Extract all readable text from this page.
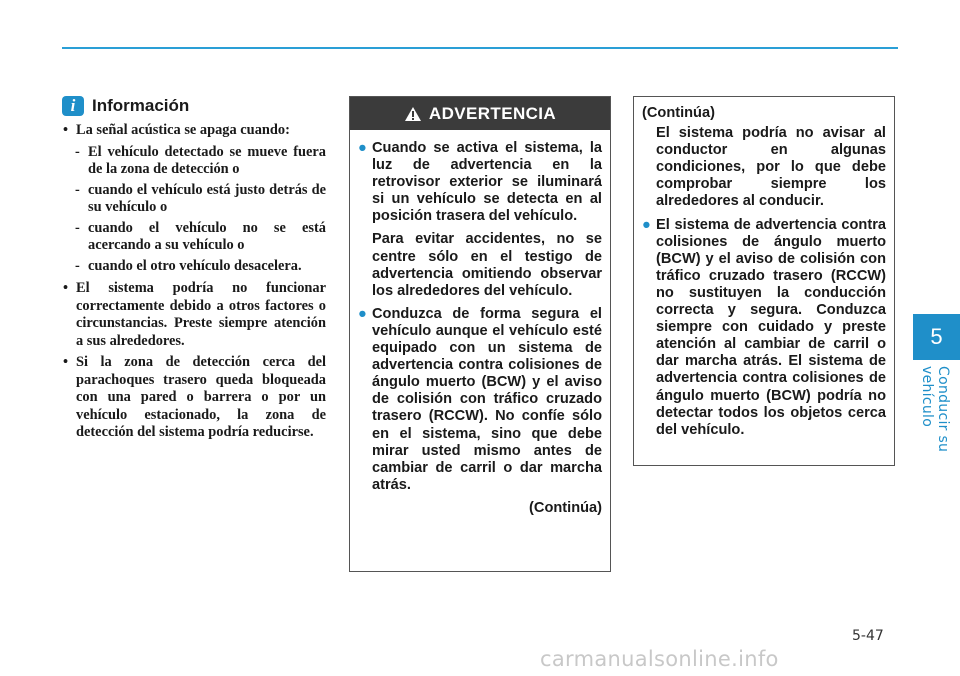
i Información
• La señal acústica se apaga cuando:
- El vehículo detectado se mueve fuera de la zona de detección o
- cuando el vehículo está justo detrás de su vehículo o
- cuando el vehículo no se está acercando a su vehículo o
- cuando el otro vehículo desacelera.
• El sistema podría no funcionar correctamente debido a otros factores o circunstancias. Preste siempre atención a sus alrededores.
• Si la zona de detección cerca del parachoques trasero queda bloqueada con una pared o barrera o por un vehículo estacionado, la zona de detección del sistema podría reducirse.
ADVERTENCIA
● Cuando se activa el sistema, la luz de advertencia en la retrovisor exterior se iluminará si un vehículo se detecta en al posición trasera del vehículo.
Para evitar accidentes, no se centre sólo en el testigo de advertencia omitiendo observar los alrededores del vehículo.
● Conduzca de forma segura el vehículo aunque el vehículo esté equipado con un sistema de advertencia contra colisiones de ángulo muerto (BCW) y el aviso de colisión con tráfico cruzado trasero (RCCW). No confíe sólo en el sistema, sino que debe mirar usted mismo antes de cambiar de carril o dar marcha atrás.
(Continúa)
(Continúa)
El sistema podría no avisar al conductor en algunas condiciones, por lo que debe comprobar siempre los alrededores al conducir.
● El sistema de advertencia contra colisiones de ángulo muerto (BCW) y el aviso de colisión con tráfico cruzado trasero (RCCW) no sustituyen la conducción correcta y segura. Conduzca siempre con cuidado y preste atención al cambiar de carril o dar marcha atrás. El sistema de advertencia contra colisiones de ángulo muerto (BCW) podría no detectar todos los objetos cerca del vehículo.
5
Conducir su vehículo
5-47
carmanualsonline.info
